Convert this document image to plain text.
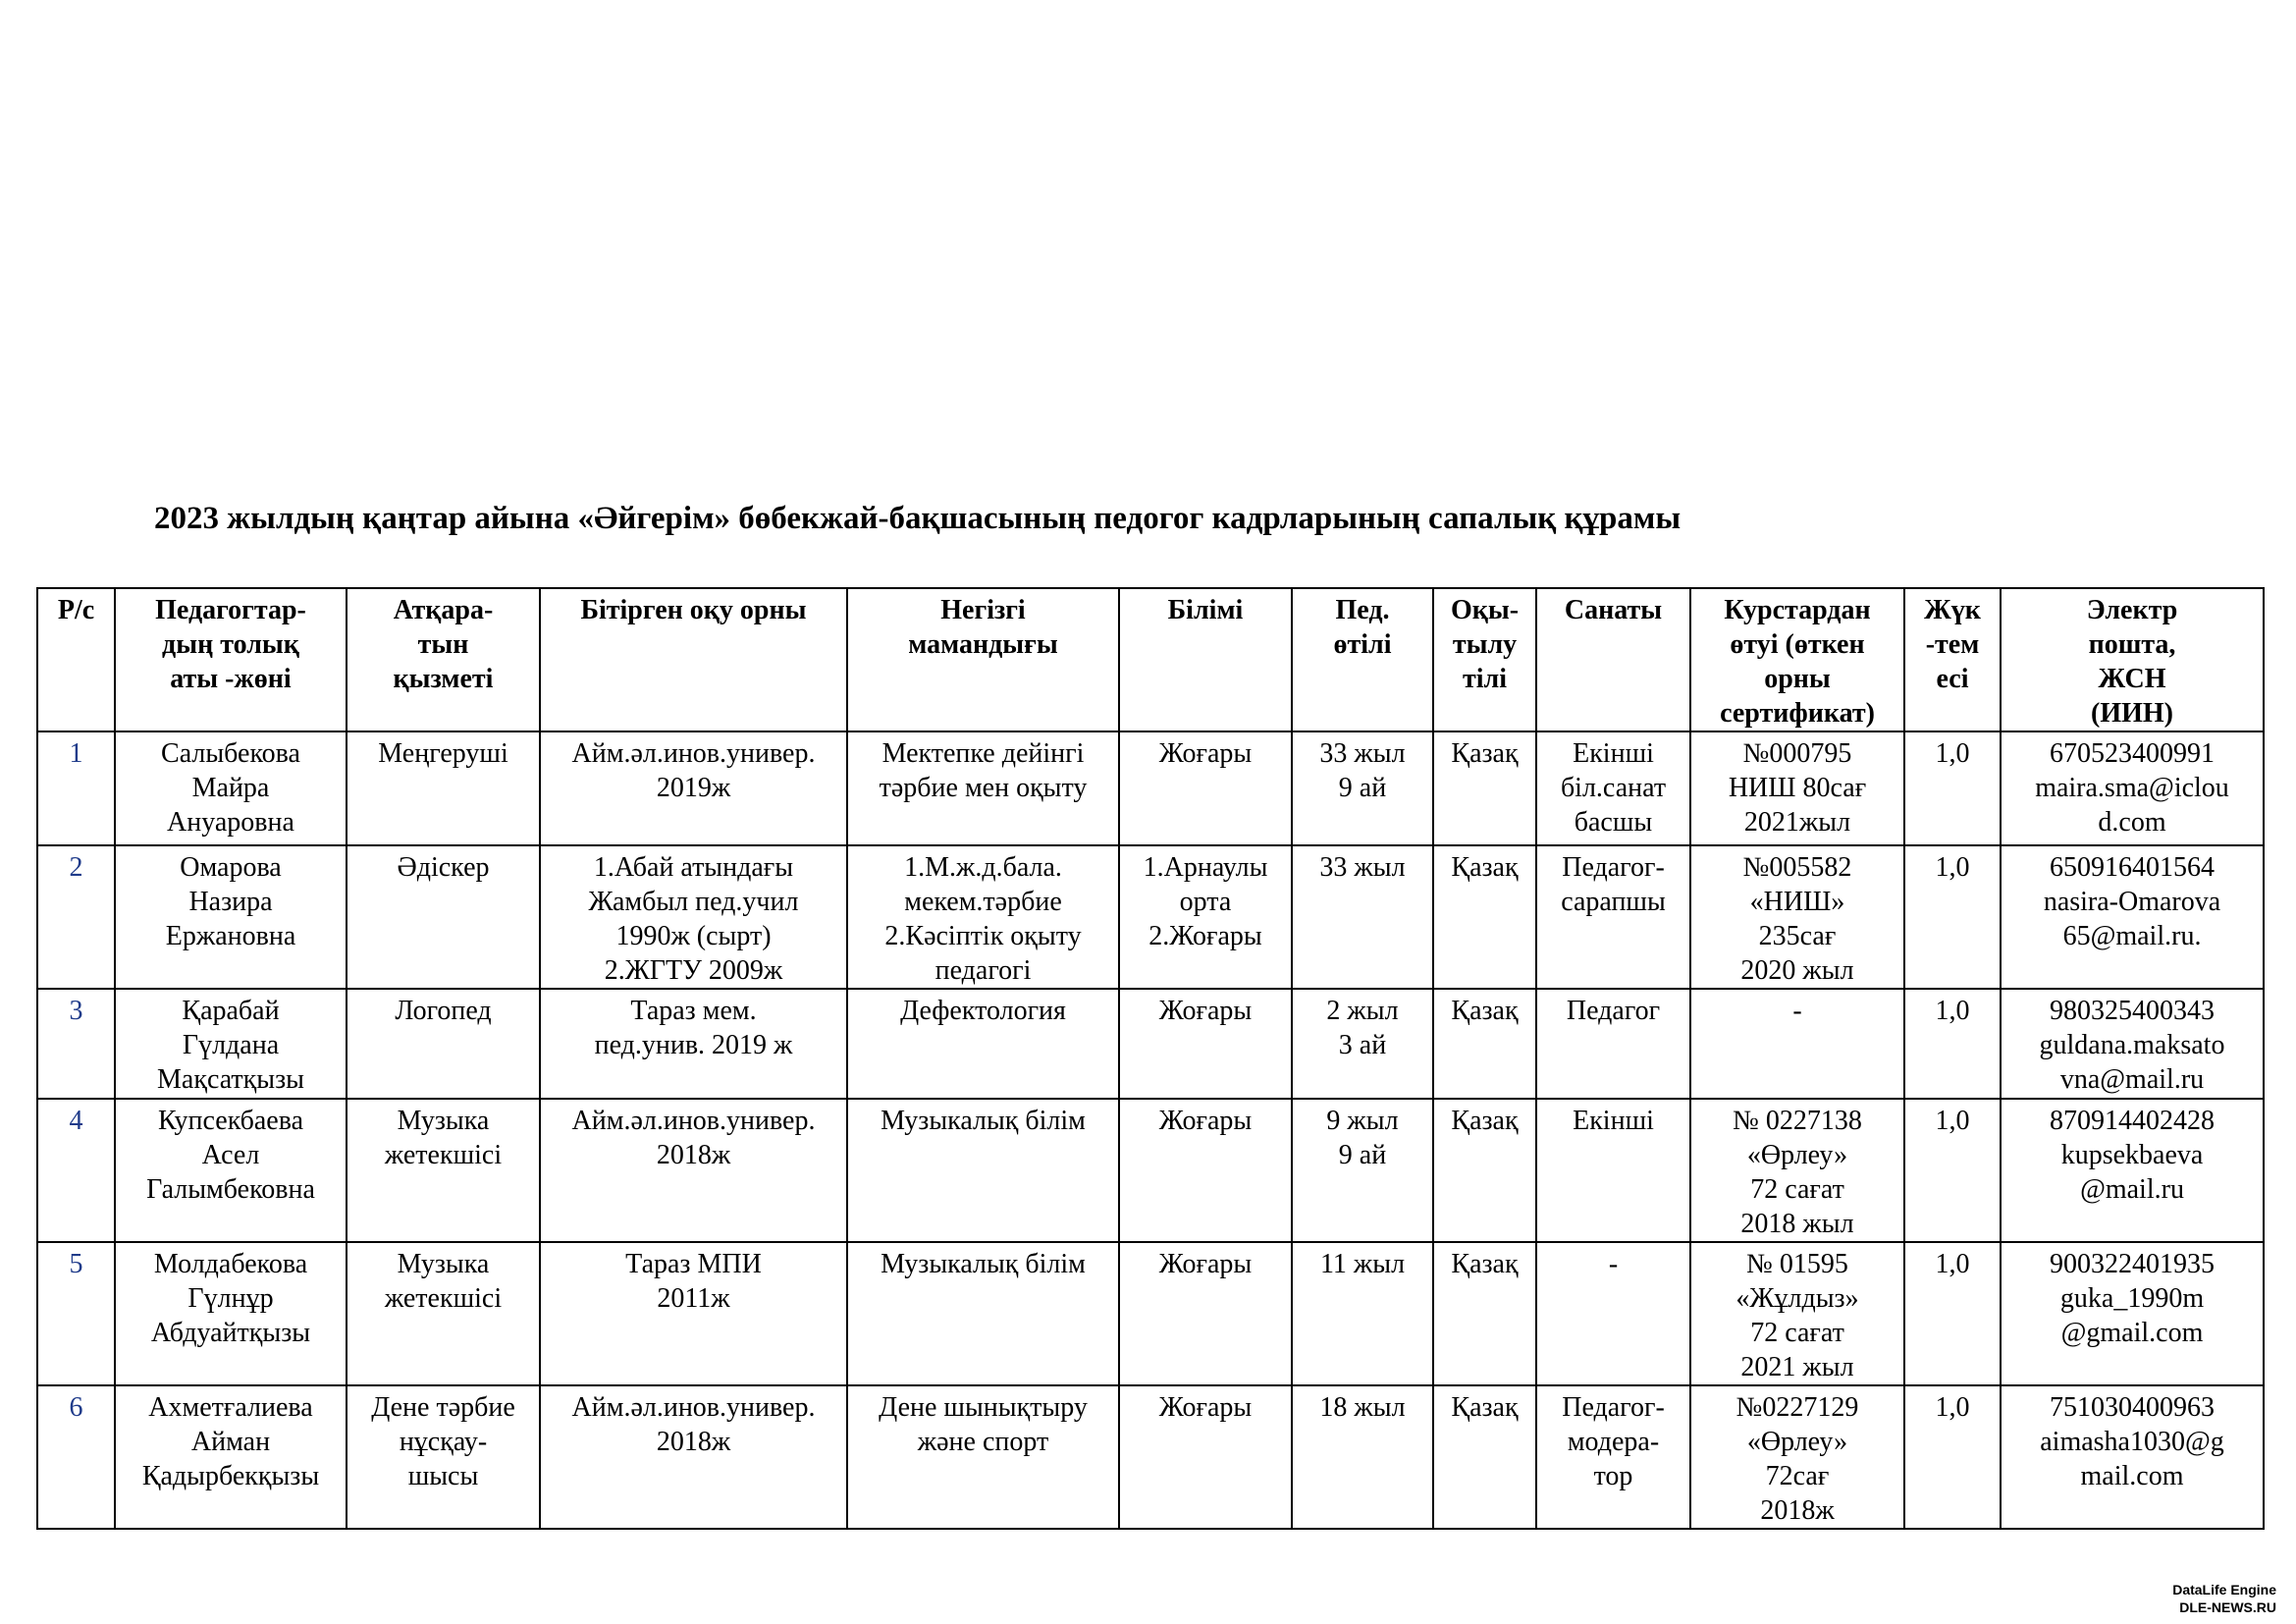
2023 жылдың қаңтар айына «Әйгерім» бөбекжай-бақшасының педогог кадрларының сапалық құрамы
Р/с	Педагогтар-
дың толық
аты -жөні	Атқара-
тын
қызметі	Бітірген оқу орны	Негізгі
мамандығы	Білімі	Пед.
өтілі	Оқы-
тылу
тілі	Санаты	Курстардан
өтуі (өткен
орны
сертификат)	Жүк
-тем
есі	Электр
пошта,
ЖСН
(ИИН)

1	Салыбекова
Майра
Ануаровна	Меңгеруші	Айм.әл.инов.универ.
2019ж	Мектепке дейінгі
тәрбие мен оқыту	Жоғары	33 жыл
9 ай	Қазақ	Екінші
біл.санат
басшы	№000795
НИШ 80сағ
2021жыл	1,0	670523400991
maira.sma@iclou
d.com

2	Омарова
Назира
Ержановна	Әдіскер	1.Абай атындағы
Жамбыл пед.учил
1990ж (сырт)
2.ЖГТУ 2009ж	1.М.ж.д.бала.
мекем.тәрбие
2.Кәсіптік оқыту
педагогі	1.Арнаулы
орта
2.Жоғары	33 жыл	Қазақ	Педагог-
сарапшы	№005582
«НИШ»
235сағ
2020 жыл	1,0	650916401564
nasira-Omarova
65@mail.ru.

3	Қарабай
Гүлдана
Мақсатқызы	Логопед	Тараз мем.
пед.унив. 2019 ж	Дефектология	Жоғары	2 жыл
3 ай	Қазақ	Педагог	-	1,0	980325400343
guldana.maksato
vna@mail.ru

4	Купсекбаева
Асел
Галымбековна	Музыка
жетекшісі	Айм.әл.инов.универ.
2018ж	Музыкалық білім	Жоғары	9 жыл
9 ай	Қазақ	Екінші	№ 0227138
«Өрлеу»
72 сағат
2018 жыл	1,0	870914402428
kupsekbaeva
@mail.ru

5	Молдабекова
Гүлнұр
Абдуайтқызы	Музыка
жетекшісі	Тараз МПИ
2011ж	Музыкалық білім	Жоғары	11 жыл	Қазақ	-	№ 01595
«Жұлдыз»
72 сағат
2021 жыл	1,0	900322401935
guka_1990m
@gmail.com

6	Ахметғалиева
Айман
Қадырбекқызы	Дене тәрбие
нұсқау-
шысы	Айм.әл.инов.универ.
2018ж	Дене шынықтыру
және спорт	Жоғары	18 жыл	Қазақ	Педагог-
модера-
тор	№0227129
«Өрлеу»
72сағ
2018ж	1,0	751030400963
aimasha1030@g
mail.com
DataLife Engine
DLE-NEWS.RU
